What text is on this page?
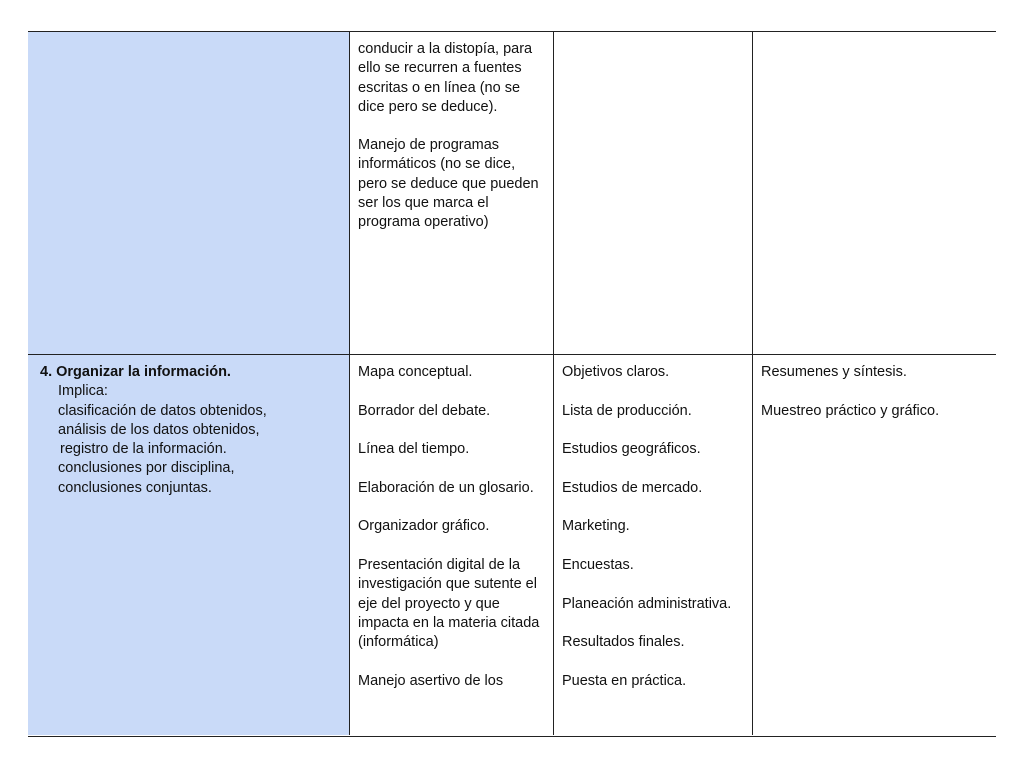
conducir a la distopía, para ello se recurren a fuentes escritas o en línea (no se dice pero se deduce).

Manejo de programas informáticos (no se dice, pero se deduce que pueden ser los que marca el programa operativo)

4. Organizar la información.
Implica:
clasificación de datos obtenidos,
análisis de los datos obtenidos,
registro de la información.
conclusiones por disciplina,
conclusiones conjuntas.

Mapa conceptual.

Borrador del debate.

Línea del tiempo.

Elaboración de un glosario.

Organizador gráfico.

Presentación digital de la investigación que sutente el eje del proyecto y que impacta en la materia citada (informática)

Manejo asertivo de los

Objetivos claros.

Lista de producción.

Estudios geográficos.

Estudios de mercado.

Marketing.

Encuestas.

Planeación administrativa.

Resultados finales.

Puesta en práctica.

Resumenes y síntesis.

Muestreo práctico y gráfico.
